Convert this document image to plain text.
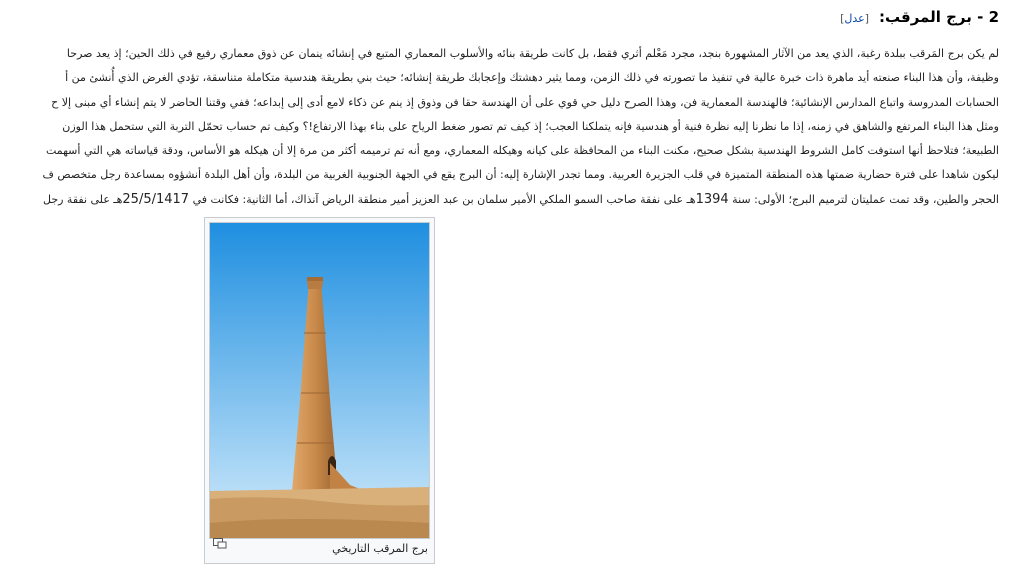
2 - برج المرقب:
[عدل]
لم يكن برج المَرقب ببلدة رغبة، الذي يعد من الآثار المشهورة بنجد، مجرد مَعْلم أثري فقط، بل كانت طريقة بنائه والأسلوب المعماري المتبع في إنشائه ينمان عن ذوق معماري رفيع في ذلك الحين؛ إذ يعد صرحا
وظيفة، وأن هذا البناء صنعته أيد ماهرة ذات خبرة عالية في تنفيذ ما تصورته في ذلك الزمن، ومما يثير دهشتك وإعجابك طريقة إنشائه؛ حيث بني بطريقة هندسية متكاملة متناسقة، تؤدي الغرض الذي أُنشئ من أ
الحسابات المدروسة واتباع المدارس الإنشائية؛ فالهندسة المعمارية فن، وهذا الصرح دليل حي قوي على أن الهندسة حقا فن وذوق إذ ينم عن ذكاء لامع أدى إلى إبداعه؛ ففي وقتنا الحاضر لا يتم إنشاء أي مبنى إلا ح
ومثل هذا البناء المرتفع والشاهق في زمنه، إذا ما نظرنا إليه نظرة فنية أو هندسية فإنه يتملكنا العجب؛ إذ كيف تم تصور ضغط الرياح على بناء بهذا الارتفاع!؟ وكيف تم حساب تحمّل التربة التي ستحمل هذا الوزن
الطبيعة؛ فتلاحظ أنها استوفت كامل الشروط الهندسية بشكل صحيح، مكنت البناء من المحافظة على كيانه وهيكله المعماري، ومع أنه تم ترميمه أكثر من مرة إلا أن هيكله هو الأساس، ودقة قياساته هي التي أسهمت
ليكون شاهدا على فترة حضارية ضمتها هذه المنطقة المتميزة في قلب الجزيرة العربية. ومما تجدر الإشارة إليه: أن البرج يقع في الجهة الجنوبية الغربية من البلدة، وأن أهل البلدة أنشؤوه بمساعدة رجل متخصص ف
الحجر والطين، وقد تمت عمليتان لترميم البرج؛ الأولى: سنة 1394هـ على نفقة صاحب السمو الملكي الأمير سلمان بن عبد العزيز أمير منطقة الرياض آنذاك، أما الثانية: فكانت في 25/5/1417هـ على نفقة رجل
برج المرقب التاريخي
